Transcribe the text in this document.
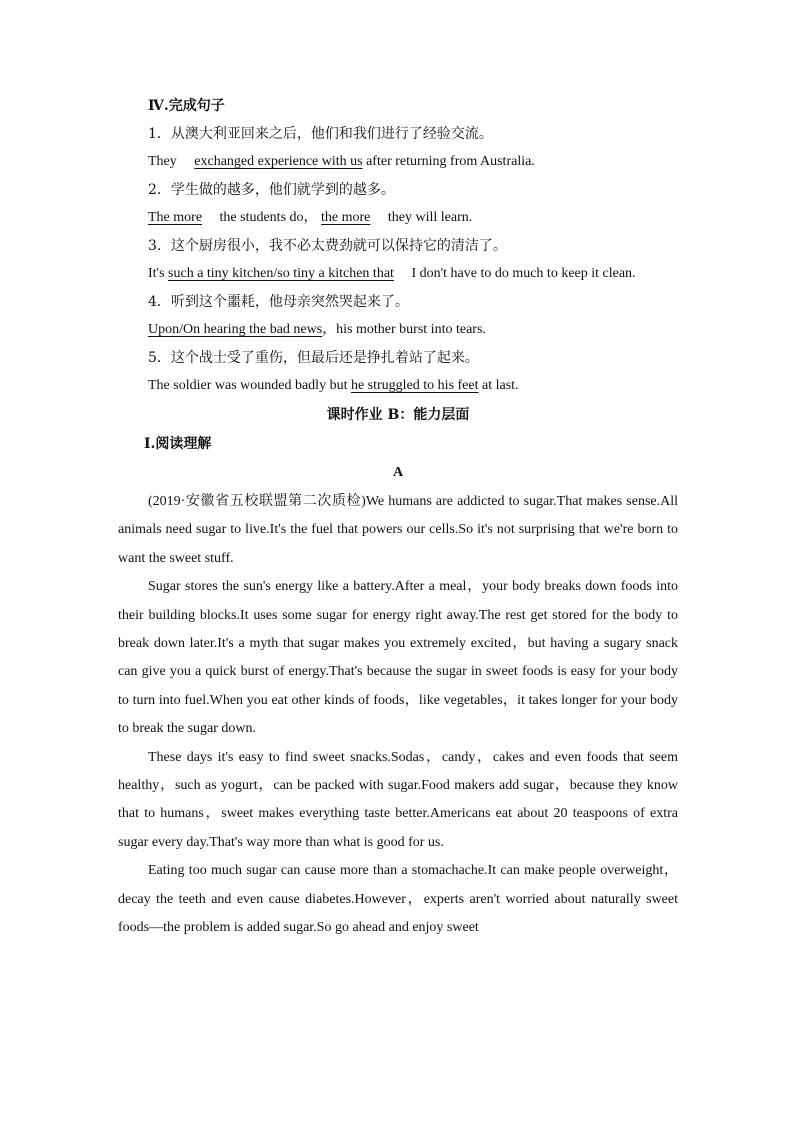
Ⅳ.完成句子
1．从澳大利亚回来之后，他们和我们进行了经验交流。
They exchanged experience with us after returning from Australia.
2．学生做的越多，他们就学到的越多。
The more the students do， the more they will learn.
3．这个厨房很小，我不必太费劲就可以保持它的清洁了。
It's such a tiny kitchen/so tiny a kitchen that I don't have to do much to keep it clean.
4．听到这个噩耗，他母亲突然哭起来了。
Upon/On hearing the bad news，his mother burst into tears.
5．这个战士受了重伤，但最后还是挣扎着站了起来。
The soldier was wounded badly but he struggled to his feet at last.
课时作业 B：能力层面
Ⅰ.阅读理解
A

(2019·安徽省五校联盟第二次质检)We humans are addicted to sugar.That makes sense.All animals need sugar to live.It's the fuel that powers our cells.So it's not surprising that we're born to want the sweet stuff.

Sugar stores the sun's energy like a battery.After a meal，your body breaks down foods into their building blocks.It uses some sugar for energy right away.The rest get stored for the body to break down later.It's a myth that sugar makes you extremely excited，but having a sugary snack can give you a quick burst of energy.That's because the sugar in sweet foods is easy for your body to turn into fuel.When you eat other kinds of foods，like vegetables，it takes longer for your body to break the sugar down.

These days it's easy to find sweet snacks.Sodas，candy，cakes and even foods that seem healthy，such as yogurt，can be packed with sugar.Food makers add sugar，because they know that to humans，sweet makes everything taste better.Americans eat about 20 teaspoons of extra sugar every day.That's way more than what is good for us.

Eating too much sugar can cause more than a stomachache.It can make people overweight，decay the teeth and even cause diabetes.However，experts aren't worried about naturally sweet foods—the problem is added sugar.So go ahead and enjoy sweet
